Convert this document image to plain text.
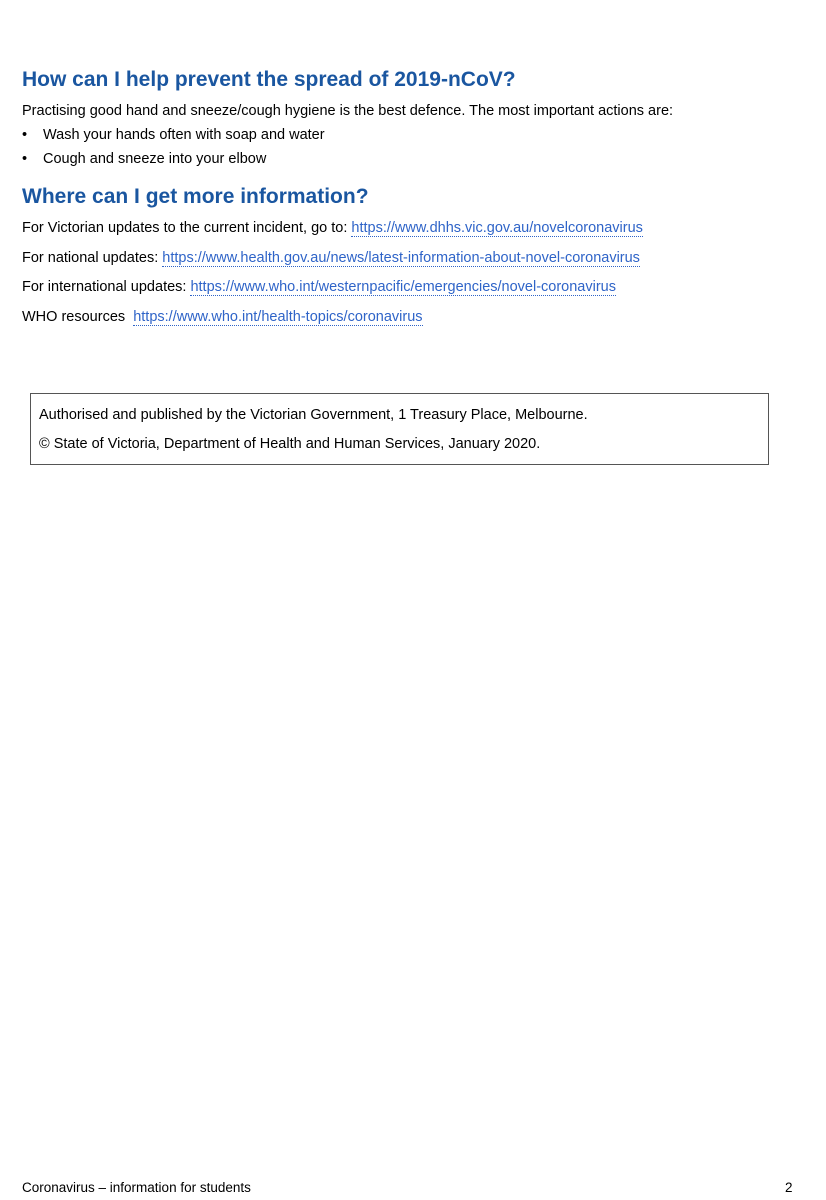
How can I help prevent the spread of 2019-nCoV?

Practising good hand and sneeze/cough hygiene is the best defence. The most important actions are:

• Wash your hands often with soap and water
• Cough and sneeze into your elbow
Where can I get more information?

For Victorian updates to the current incident, go to: https://www.dhhs.vic.gov.au/novelcoronavirus

For national updates: https://www.health.gov.au/news/latest-information-about-novel-coronavirus

For international updates: https://www.who.int/westernpacific/emergencies/novel-coronavirus

WHO resources https://www.who.int/health-topics/coronavirus

Authorised and published by the Victorian Government, 1 Treasury Place, Melbourne.

© State of Victoria, Department of Health and Human Services, January 2020.

Coronavirus – information for students	2
